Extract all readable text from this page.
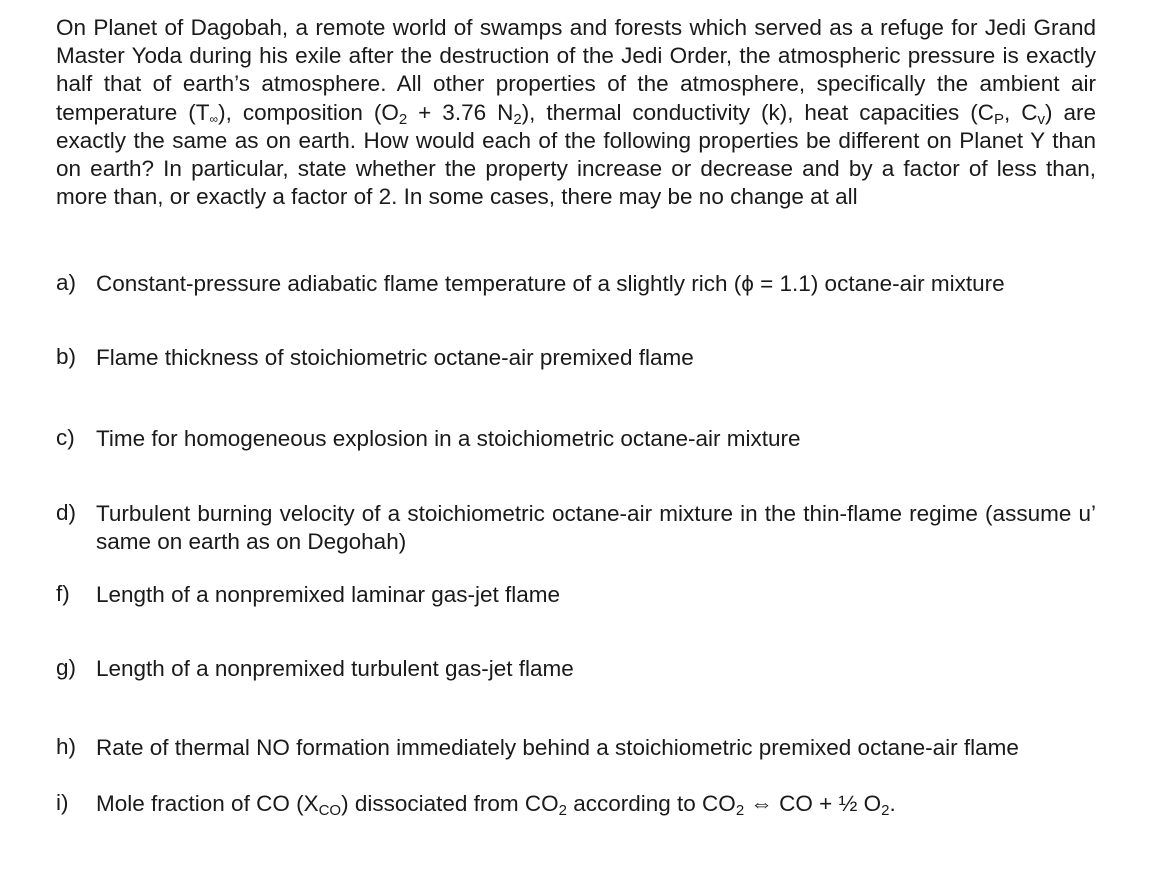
On Planet of Dagobah, a remote world of swamps and forests which served as a refuge for Jedi Grand Master Yoda during his exile after the destruction of the Jedi Order, the atmospheric pressure is exactly half that of earth’s atmosphere. All other properties of the atmosphere, specifically the ambient air temperature $(T_\infty)$, composition ($O_2 + 3.76$ $N_2$), thermal conductivity (k), heat capacities ($C_P$, $C_v$) are exactly the same as on earth. How would each of the following properties be different on Planet Y than on earth? In particular, state whether the property increase or decrease and by a factor of less than, more than, or exactly a factor of 2. In some cases, there may be no change at all

a) Constant-pressure adiabatic flame temperature of a slightly rich (ϕ = 1.1) octane-air mixture
b) Flame thickness of stoichiometric octane-air premixed flame
c) Time for homogeneous explosion in a stoichiometric octane-air mixture
d) Turbulent burning velocity of a stoichiometric octane-air mixture in the thin-flame regime (assume u’ same on earth as on Degohah)
f)	Length of a nonpremixed laminar gas-jet flame
g) Length of a nonpremixed turbulent gas-jet flame
h) Rate of thermal NO formation immediately behind a stoichiometric premixed octane-air flame
i)	Mole fraction of CO $(X_{CO})$ dissociated from $CO_2$ according to $CO_2$ ⇔ CO + ½ $O_2$.
